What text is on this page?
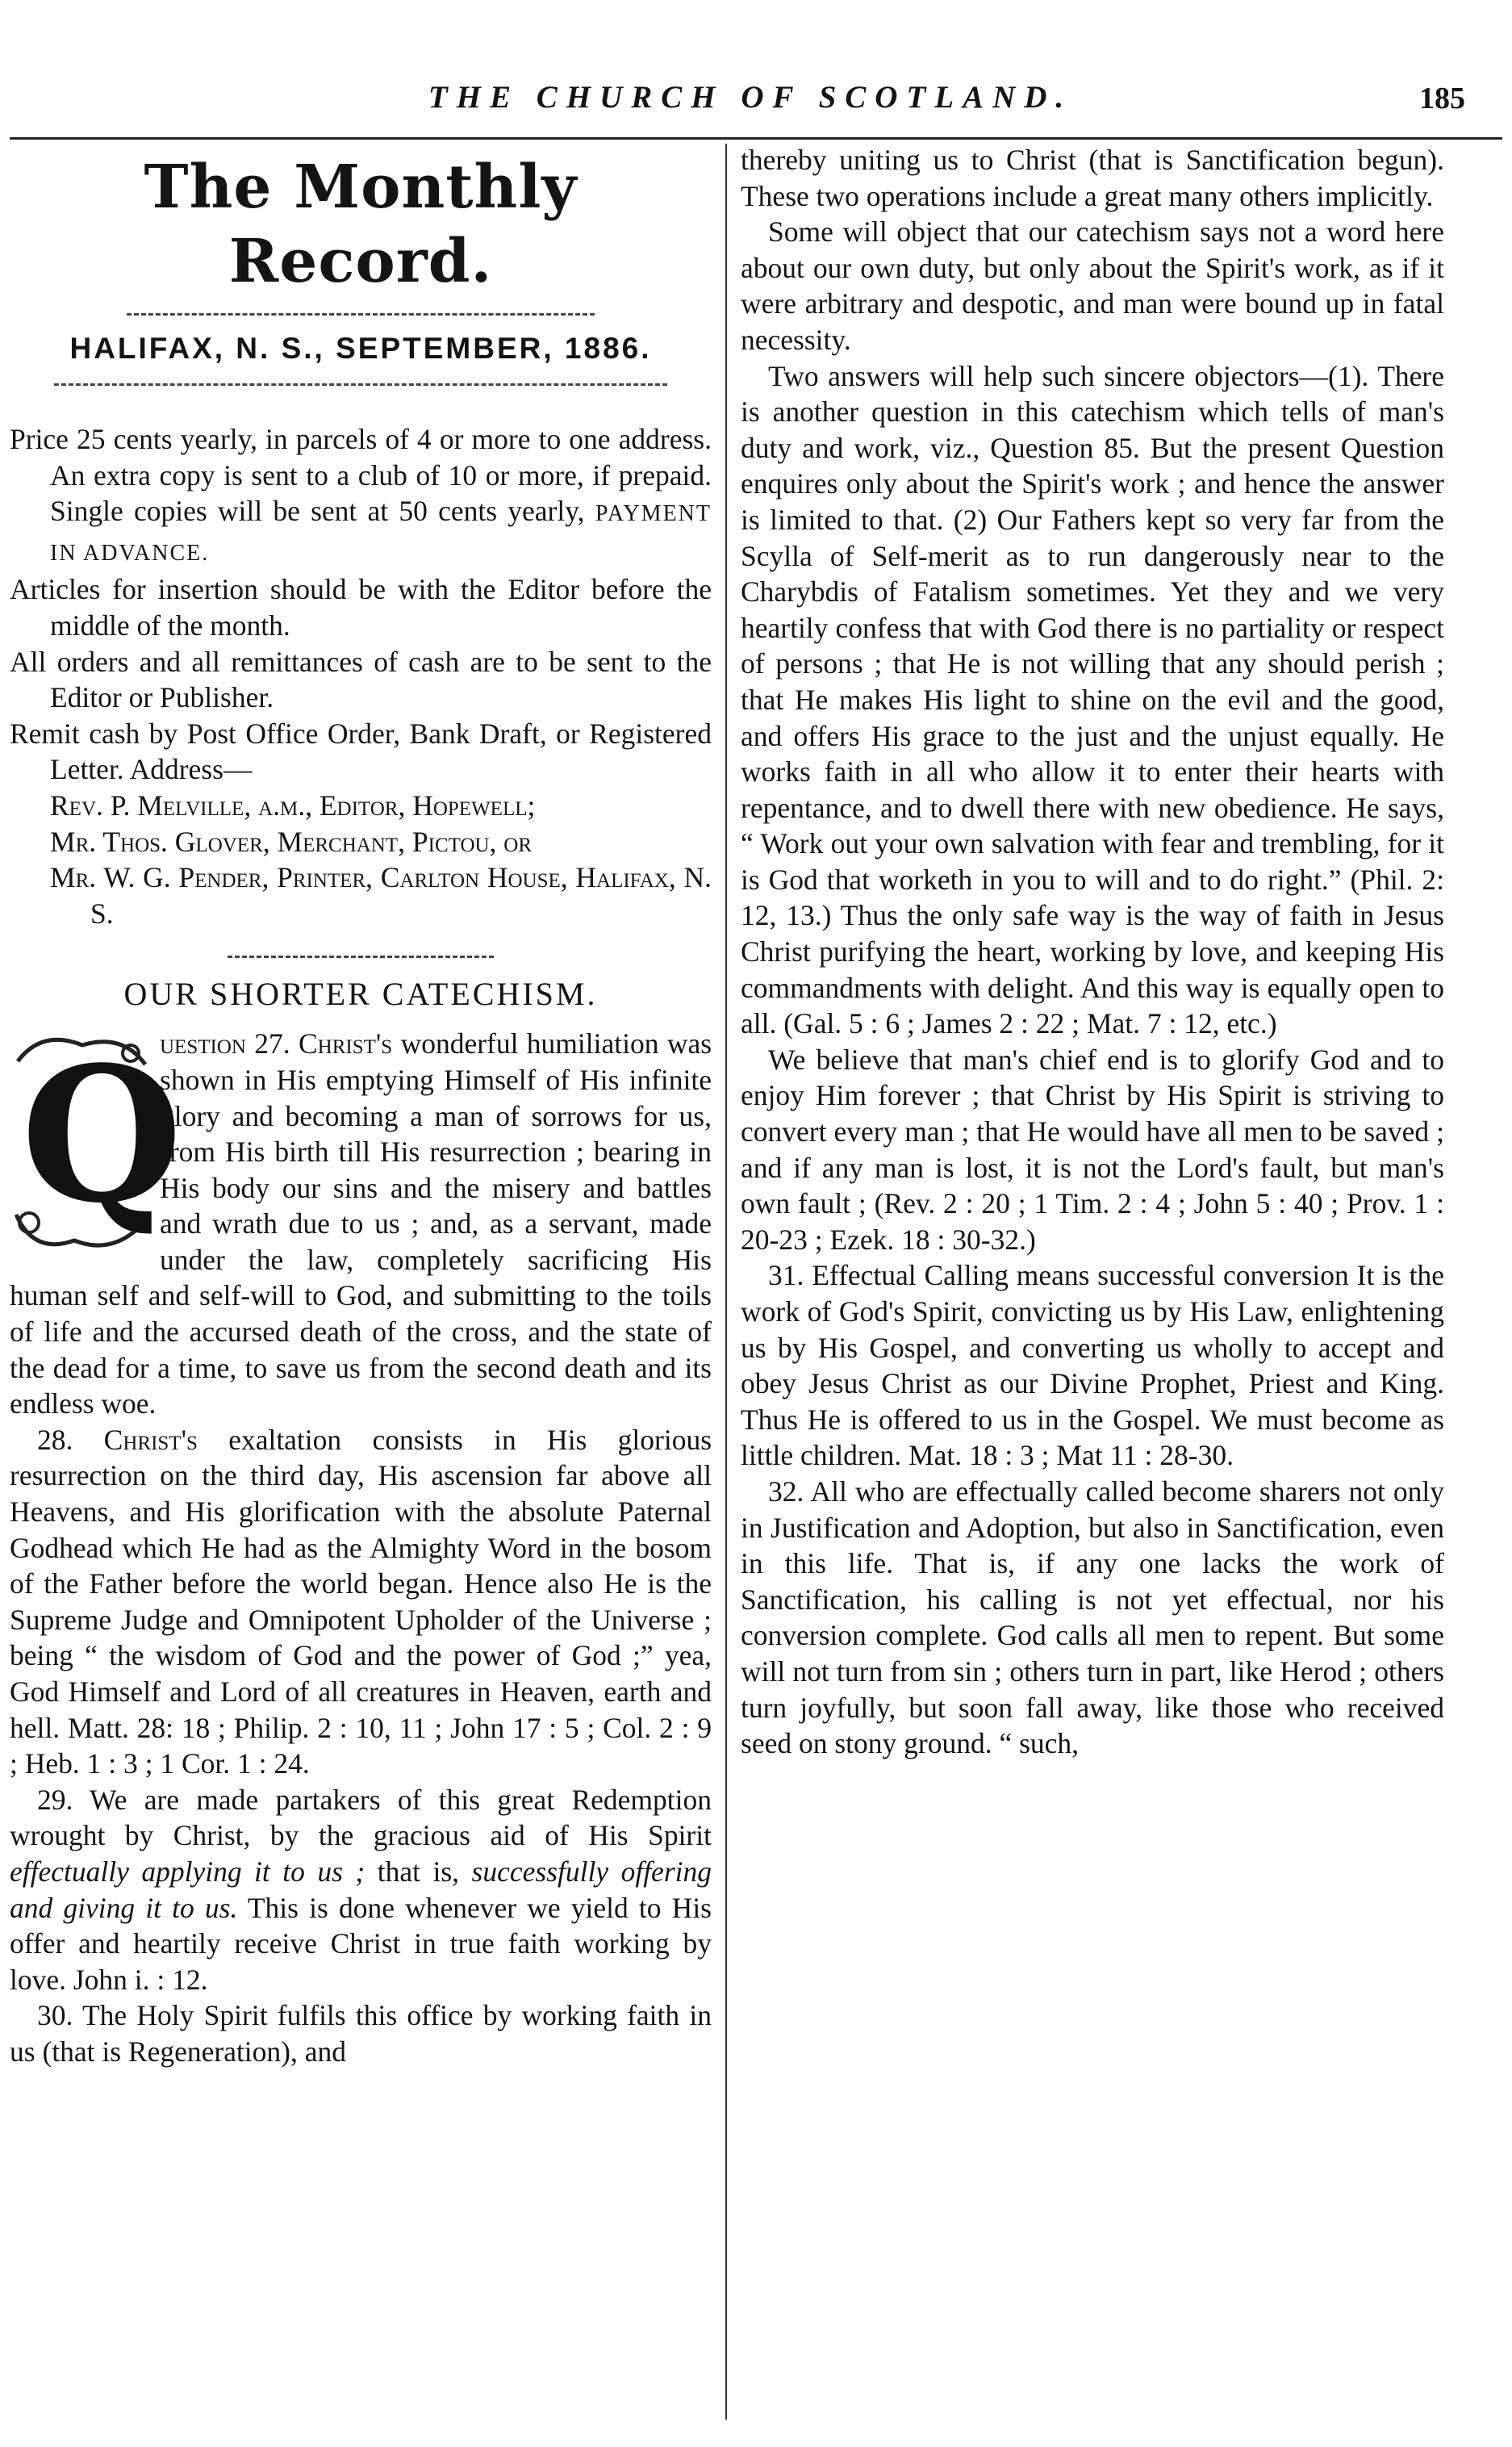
THE CHURCH OF SCOTLAND.	185
The Monthly Record.
HALIFAX, N. S., SEPTEMBER, 1886.

Price 25 cents yearly, in parcels of 4 or more to one address. An extra copy is sent to a club of 10 or more, if prepaid. Single copies will be sent at 50 cents yearly, PAYMENT IN ADVANCE.

Articles for insertion should be with the Editor before the middle of the month.

All orders and all remittances of cash are to be sent to the Editor or Publisher.

Remit cash by Post Office Order, Bank Draft, or Registered Letter. Address—

Rev. P. Melville, a.m., Editor, Hopewell;

Mr. Thos. Glover, Merchant, Pictou, or

Mr. W. G. Pender, Printer, Carlton House, Halifax, N. S.

OUR SHORTER CATECHISM.
Q

uestion 27. Christ's wonderful humiliation was shown in His emptying Himself of His infinite glory and becoming a man of sorrows for us, from His birth till His resurrection ; bearing in His body our sins and the misery and battles and wrath due to us ; and, as a servant, made under the law, completely sacrificing His human self and self-will to God, and submitting to the toils of life and the accursed death of the cross, and the state of the dead for a time, to save us from the second death and its endless woe.

28. Christ's exaltation consists in His glorious resurrection on the third day, His ascension far above all Heavens, and His glorification with the absolute Paternal Godhead which He had as the Almighty Word in the bosom of the Father before the world began. Hence also He is the Supreme Judge and Omnipotent Upholder of the Universe ; being “ the wisdom of God and the power of God ;” yea, God Himself and Lord of all creatures in Heaven, earth and hell. Matt. 28: 18 ; Philip. 2 : 10, 11 ; John 17 : 5 ; Col. 2 : 9 ; Heb. 1 : 3 ; 1 Cor. 1 : 24.

29. We are made partakers of this great Redemption wrought by Christ, by the gracious aid of His Spirit effectually applying it to us ; that is, successfully offering and giving it to us. This is done whenever we yield to His offer and heartily receive Christ in true faith working by love. John i. : 12.

30. The Holy Spirit fulfils this office by working faith in us (that is Regeneration), and

thereby uniting us to Christ (that is Sanctification begun). These two operations include a great many others implicitly.

Some will object that our catechism says not a word here about our own duty, but only about the Spirit's work, as if it were arbitrary and despotic, and man were bound up in fatal necessity.

Two answers will help such sincere objectors—(1). There is another question in this catechism which tells of man's duty and work, viz., Question 85. But the present Question enquires only about the Spirit's work ; and hence the answer is limited to that. (2) Our Fathers kept so very far from the Scylla of Self-merit as to run dangerously near to the Charybdis of Fatalism sometimes. Yet they and we very heartily confess that with God there is no partiality or respect of persons ; that He is not willing that any should perish ; that He makes His light to shine on the evil and the good, and offers His grace to the just and the unjust equally. He works faith in all who allow it to enter their hearts with repentance, and to dwell there with new obedience. He says, “ Work out your own salvation with fear and trembling, for it is God that worketh in you to will and to do right.” (Phil. 2: 12, 13.) Thus the only safe way is the way of faith in Jesus Christ purifying the heart, working by love, and keeping His commandments with delight. And this way is equally open to all. (Gal. 5 : 6 ; James 2 : 22 ; Mat. 7 : 12, etc.)

We believe that man's chief end is to glorify God and to enjoy Him forever ; that Christ by His Spirit is striving to convert every man ; that He would have all men to be saved ; and if any man is lost, it is not the Lord's fault, but man's own fault ; (Rev. 2 : 20 ; 1 Tim. 2 : 4 ; John 5 : 40 ; Prov. 1 : 20-23 ; Ezek. 18 : 30-32.)

31. Effectual Calling means successful conversion It is the work of God's Spirit, convicting us by His Law, enlightening us by His Gospel, and converting us wholly to accept and obey Jesus Christ as our Divine Prophet, Priest and King. Thus He is offered to us in the Gospel. We must become as little children. Mat. 18 : 3 ; Mat 11 : 28-30.

32. All who are effectually called become sharers not only in Justification and Adoption, but also in Sanctification, even in this life. That is, if any one lacks the work of Sanctification, his calling is not yet effectual, nor his conversion complete. God calls all men to repent. But some will not turn from sin ; others turn in part, like Herod ; others turn joyfully, but soon fall away, like those who received seed on stony ground. “ such,
